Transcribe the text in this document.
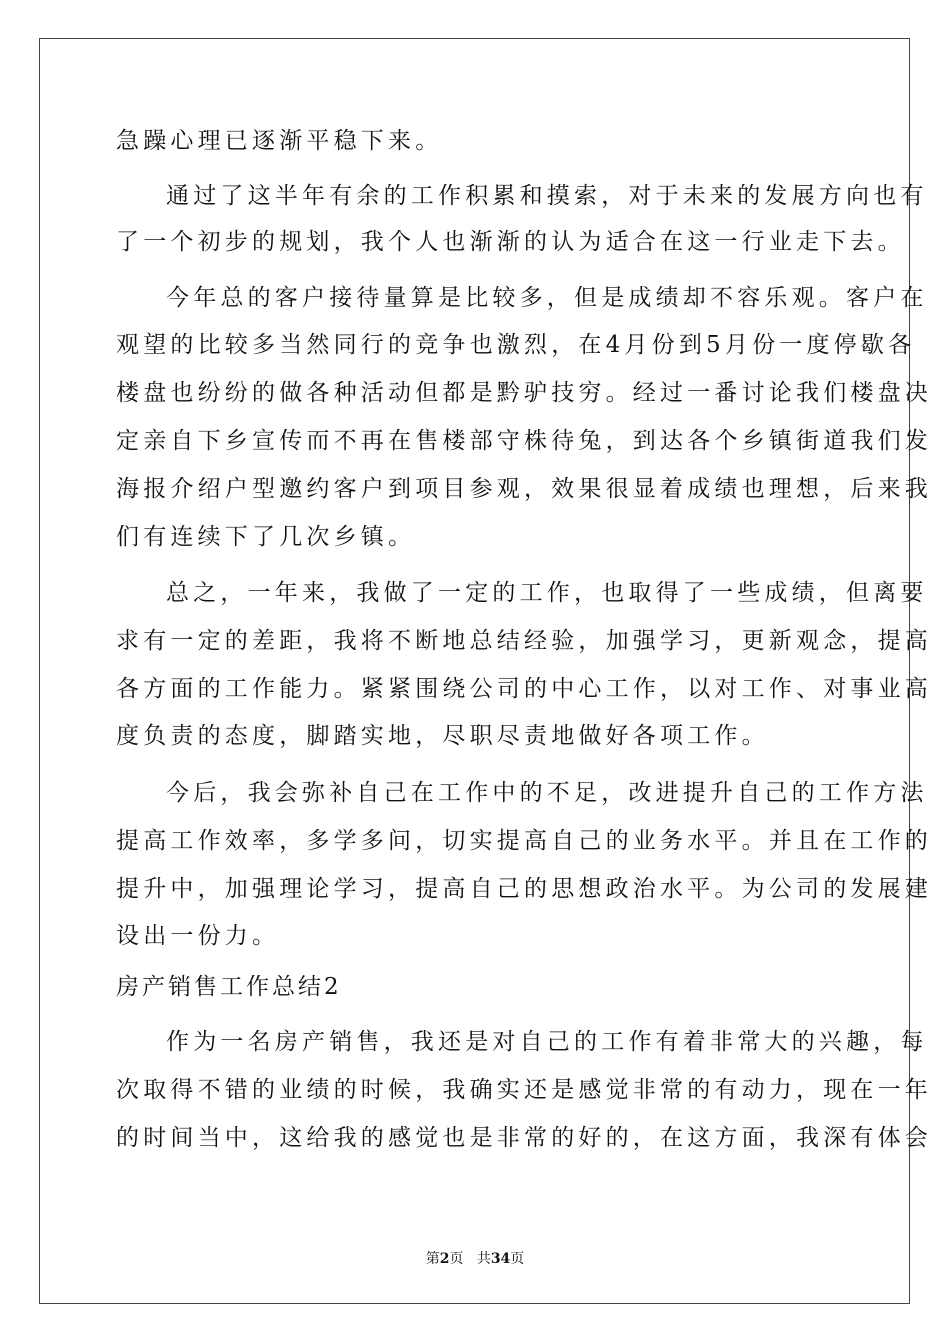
急躁心理已逐渐平稳下来。
通过了这半年有余的工作积累和摸索，对于未来的发展方向也有
了一个初步的规划，我个人也渐渐的认为适合在这一行业走下去。
今年总的客户接待量算是比较多，但是成绩却不容乐观。客户在
观望的比较多当然同行的竞争也激烈，在4月份到5月份一度停歇各
楼盘也纷纷的做各种活动但都是黔驴技穷。经过一番讨论我们楼盘决
定亲自下乡宣传而不再在售楼部守株待兔，到达各个乡镇街道我们发
海报介绍户型邀约客户到项目参观，效果很显着成绩也理想，后来我
们有连续下了几次乡镇。
总之，一年来，我做了一定的工作，也取得了一些成绩，但离要
求有一定的差距，我将不断地总结经验，加强学习，更新观念，提高
各方面的工作能力。紧紧围绕公司的中心工作，以对工作、对事业高
度负责的态度，脚踏实地，尽职尽责地做好各项工作。
今后，我会弥补自己在工作中的不足，改进提升自己的工作方法
提高工作效率，多学多问，切实提高自己的业务水平。并且在工作的
提升中，加强理论学习，提高自己的思想政治水平。为公司的发展建
设出一份力。
房产销售工作总结2
作为一名房产销售，我还是对自己的工作有着非常大的兴趣，每
次取得不错的业绩的时候，我确实还是感觉非常的有动力，现在一年
的时间当中，这给我的感觉也是非常的好的，在这方面，我深有体会
第2页 共34页
